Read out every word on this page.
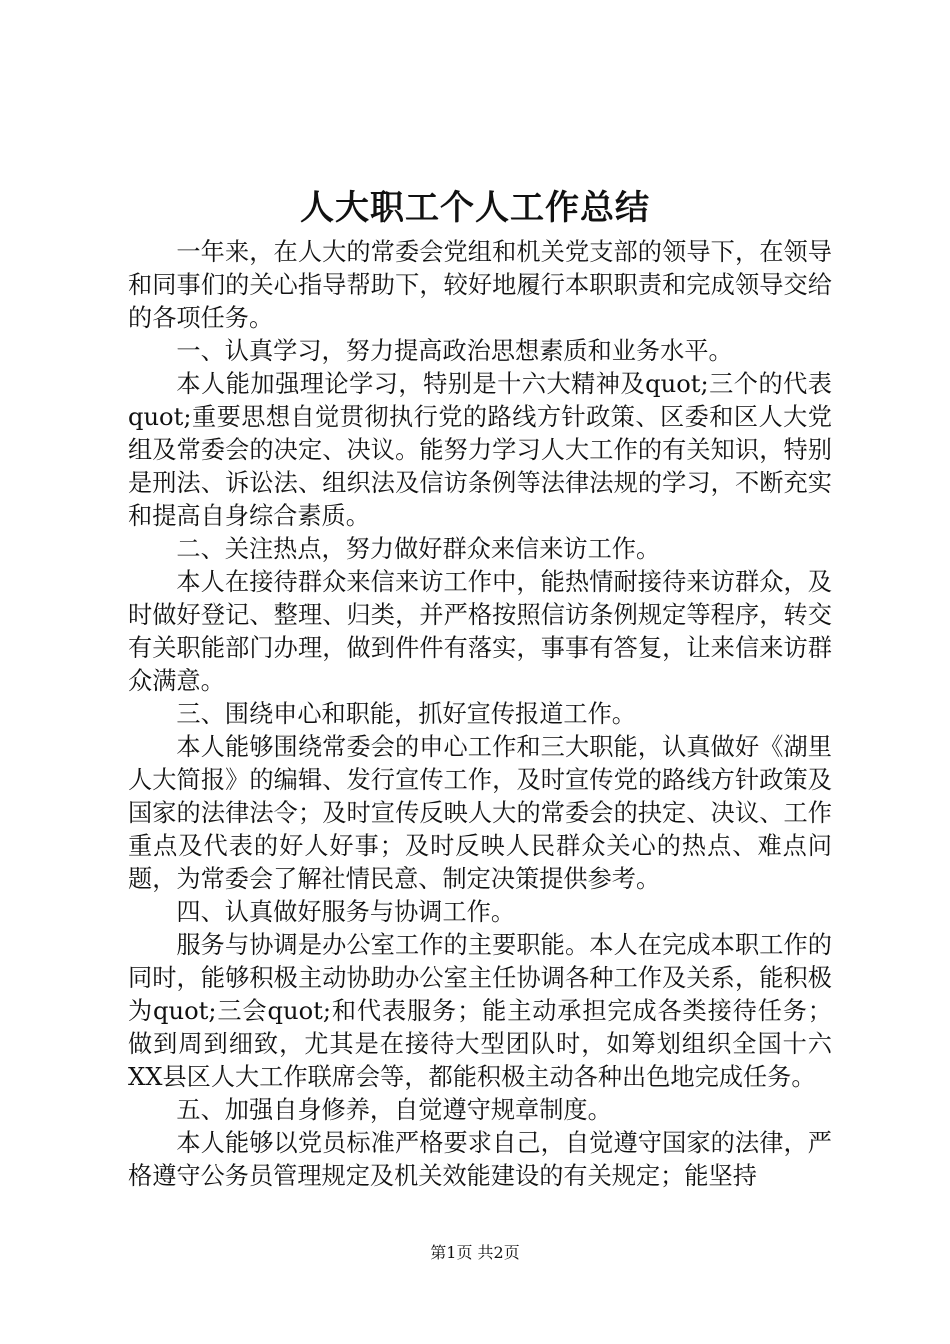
人大职工个人工作总结

一年来，在人大的常委会党组和机关党支部的领导下，在领导和同事们的关心指导帮助下，较好地履行本职职责和完成领导交给的各项任务。

一、认真学习，努力提高政治思想素质和业务水平。

本人能加强理论学习，特别是十六大精神及quot;三个的代表quot;重要思想自觉贯彻执行党的路线方针政策、区委和区人大党组及常委会的决定、决议。能努力学习人大工作的有关知识，特别是刑法、诉讼法、组织法及信访条例等法律法规的学习，不断充实和提高自身综合素质。

二、关注热点，努力做好群众来信来访工作。

本人在接待群众来信来访工作中，能热情耐接待来访群众，及时做好登记、整理、归类，并严格按照信访条例规定等程序，转交有关职能部门办理，做到件件有落实，事事有答复，让来信来访群众满意。

三、围绕申心和职能，抓好宣传报道工作。

本人能够围绕常委会的申心工作和三大职能，认真做好《湖里人大简报》的编辑、发行宣传工作，及时宣传党的路线方针政策及国家的法律法令；及时宣传反映人大的常委会的抉定、决议、工作重点及代表的好人好事；及时反映人民群众关心的热点、难点问题，为常委会了解社情民意、制定决策提供参考。

四、认真做好服务与协调工作。

服务与协调是办公室工作的主要职能。本人在完成本职工作的同时，能够积极主动协助办公室主任协调各种工作及关系，能积极为quot;三会quot;和代表服务；能主动承担完成各类接待任务；做到周到细致，尤其是在接待大型团队时，如筹划组织全国十六XX县区人大工作联席会等，都能积极主动各种出色地完成任务。

五、加强自身修养，自觉遵守规章制度。

本人能够以党员标准严格要求自己，自觉遵守国家的法律，严格遵守公务员管理规定及机关效能建设的有关规定；能坚持

第1页 共2页
